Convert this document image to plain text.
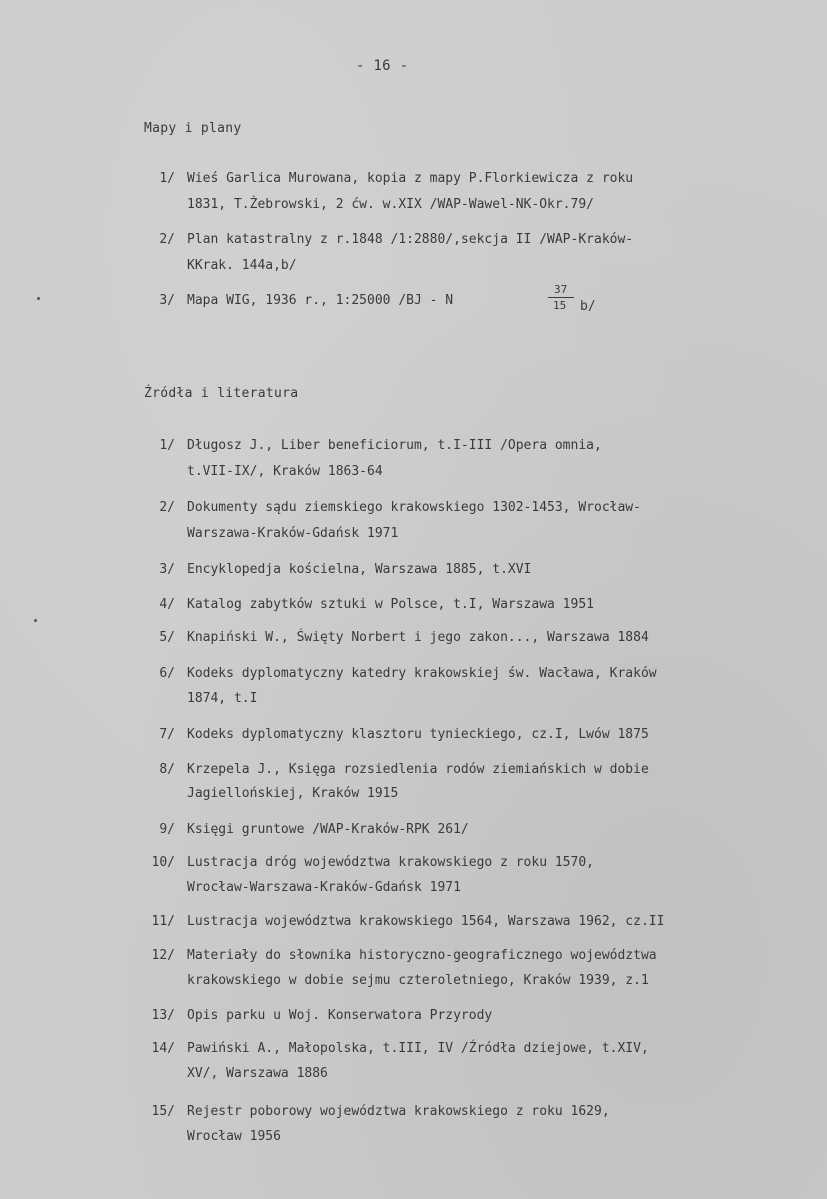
- 16 -
Mapy i plany
1/ Wieś Garlica Murowana, kopia z mapy P.Florkiewicza z roku
1831, T.Żebrowski, 2 ćw. w.XIX /WAP-Wawel-NK-Okr.79/
2/ Plan katastralny z r.1848 /1:2880/,sekcja II /WAP-Kraków-
KKrak. 144a,b/
3/ Mapa WIG, 1936 r., 1:25000 /BJ - N
37
15 b/
Źródła i literatura
1/ Długosz J., Liber beneficiorum, t.I-III /Opera omnia,
t.VII-IX/, Kraków 1863-64
2/ Dokumenty sądu ziemskiego krakowskiego 1302-1453, Wrocław-
Warszawa-Kraków-Gdańsk 1971
3/ Encyklopedja kościelna, Warszawa 1885, t.XVI
4/ Katalog zabytków sztuki w Polsce, t.I, Warszawa 1951
5/ Knapiński W., Święty Norbert i jego zakon..., Warszawa 1884
6/ Kodeks dyplomatyczny katedry krakowskiej św. Wacława, Kraków
1874, t.I
7/ Kodeks dyplomatyczny klasztoru tynieckiego, cz.I, Lwów 1875
8/ Krzepela J., Księga rozsiedlenia rodów ziemiańskich w dobie
Jagiellońskiej, Kraków 1915
9/ Księgi gruntowe /WAP-Kraków-RPK 261/
10/ Lustracja dróg województwa krakowskiego z roku 1570,
Wrocław-Warszawa-Kraków-Gdańsk 1971
11/ Lustracja województwa krakowskiego 1564, Warszawa 1962, cz.II
12/ Materiały do słownika historyczno-geograficznego województwa
krakowskiego w dobie sejmu czteroletniego, Kraków 1939, z.1
13/ Opis parku u Woj. Konserwatora Przyrody
14/ Pawiński A., Małopolska, t.III, IV /Źródła dziejowe, t.XIV,
XV/, Warszawa 1886
15/ Rejestr poborowy województwa krakowskiego z roku 1629,
Wrocław 1956
